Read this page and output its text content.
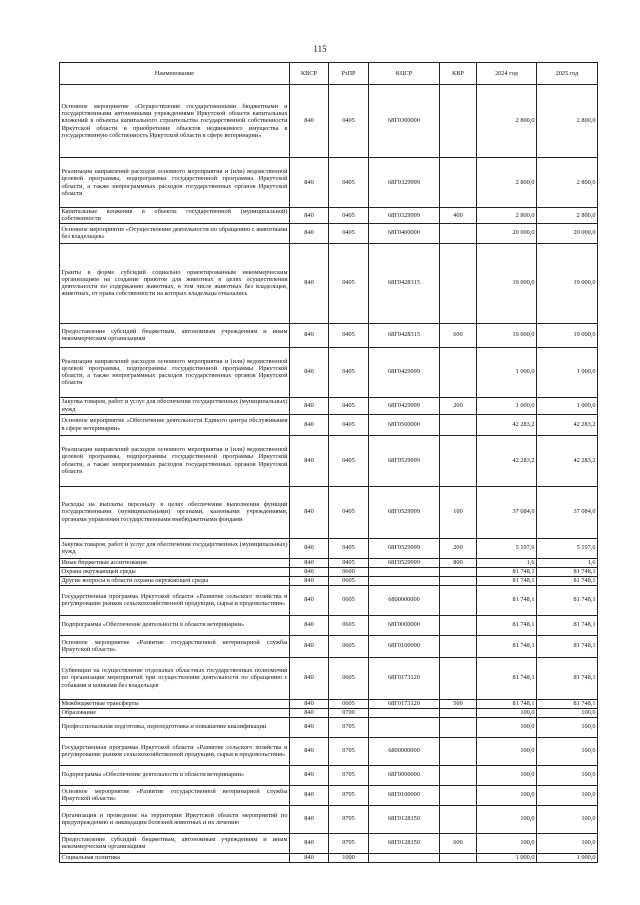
115
Наименование	КВСР	РзПР	КЦСР	КВР	2024 год	2025 год
Основное мероприятие «Осуществление государственными бюджетными и государственными автономными учреждениями Иркутской области капитальных вложений в объекты капитального строительства государственной собственности Иркутской области и приобретение объектов недвижимого имущества в государственную собственность Иркутской области в сфере ветеринарии»	840	0405	68Г0300000		2 800,0	2 800,0
Реализация направлений расходов основного мероприятия и (или) ведомственной целевой программы, подпрограммы государственной программы Иркутской области, а также непрограммных расходов государственных органов Иркутской области	840	0405	68Г0329999		2 800,0	2 800,0
Капитальные вложения в объекты государственной (муниципальной) собственности	840	0405	68Г0329999	400	2 800,0	2 800,0
Основное мероприятие «Осуществление деятельности по обращению с животными без владельцев»	840	0405	68Г0400000		20 000,0	20 000,0
Гранты в форме субсидий социально ориентированным некоммерческим организациям на создание приютов для животных в целях осуществления деятельности по содержанию животных, в том числе животных без владельцев, животных, от права собственности на которых владельцы отказались	840	0405	68Г0428315		19 000,0	19 000,0
Предоставление субсидий бюджетным, автономным учреждениям и иным некоммерческим организациям	840	0405	68Г0428315	600	19 000,0	19 000,0
Реализация направлений расходов основного мероприятия и (или) ведомственной целевой программы, подпрограммы государственной программы Иркутской области, а также непрограммных расходов государственных органов Иркутской области	840	0405	68Г0429999		1 000,0	1 000,0
Закупка товаров, работ и услуг для обеспечения государственных (муниципальных) нужд	840	0405	68Г0429999	200	1 000,0	1 000,0
Основное мероприятие «Обеспечение деятельности Единого центра обслуживания в сфере ветеринарии»	840	0405	68Г0500000		42 283,2	42 283,2
Реализация направлений расходов основного мероприятия и (или) ведомственной целевой программы, подпрограммы государственной программы Иркутской области, а также непрограммных расходов государственных органов Иркутской области	840	0405	68Г0529999		42 283,2	42 283,2
Расходы на выплаты персоналу в целях обеспечения выполнения функций государственными (муниципальными) органами, казенными учреждениями, органами управления государственными внебюджетными фондами	840	0405	68Г0529999	100	37 084,0	37 084,0
Закупка товаров, работ и услуг для обеспечения государственных (муниципальных) нужд	840	0405	68Г0529999	200	5 197,6	5 197,6
Иные бюджетные ассигнования	840	0405	68Г0529999	800	1,6	1,6
Охрана окружающей среды	840	0600			81 748,1	81 748,1
Другие вопросы в области охраны окружающей среды	840	0605			81 748,1	81 748,1
Государственная программа Иркутской области «Развитие сельского хозяйства и регулирование рынков сельскохозяйственной продукции, сырья и продовольствия»	840	0605	6800000000		81 748,1	81 748,1
Подпрограмма «Обеспечение деятельности в области ветеринарии»	840	0605	68Г0000000		81 748,1	81 748,1
Основное мероприятие «Развитие государственной ветеринарной службы Иркутской области»	840	0605	68Г0100000		81 748,1	81 748,1
Субвенции на осуществление отдельных областных государственных полномочий по организации мероприятий при осуществлении деятельности по обращению с собаками и кошками без владельцев	840	0605	68Г0173120		81 748,1	81 748,1
Межбюджетные трансферты	840	0605	68Г0173120	500	81 748,1	81 748,1
Образование	840	0700			100,0	100,0
Профессиональная подготовка, переподготовка и повышение квалификации	840	0705			100,0	100,0
Государственная программа Иркутской области «Развитие сельского хозяйства и регулирование рынков сельскохозяйственной продукции, сырья и продовольствия»	840	0705	6800000000		100,0	100,0
Подпрограмма «Обеспечение деятельности в области ветеринарии»	840	0705	68Г0000000		100,0	100,0
Основное мероприятие «Развитие государственной ветеринарной службы Иркутской области»	840	0705	68Г0100000		100,0	100,0
Организация и проведение на территории Иркутской области мероприятий по предупреждению и ликвидации болезней животных и их лечению	840	0705	68Г0128150		100,0	100,0
Предоставление субсидий бюджетным, автономным учреждениям и иным некоммерческим организациям	840	0705	68Г0128150	600	100,0	100,0
Социальная политика	840	1000			1 000,0	1 000,0
